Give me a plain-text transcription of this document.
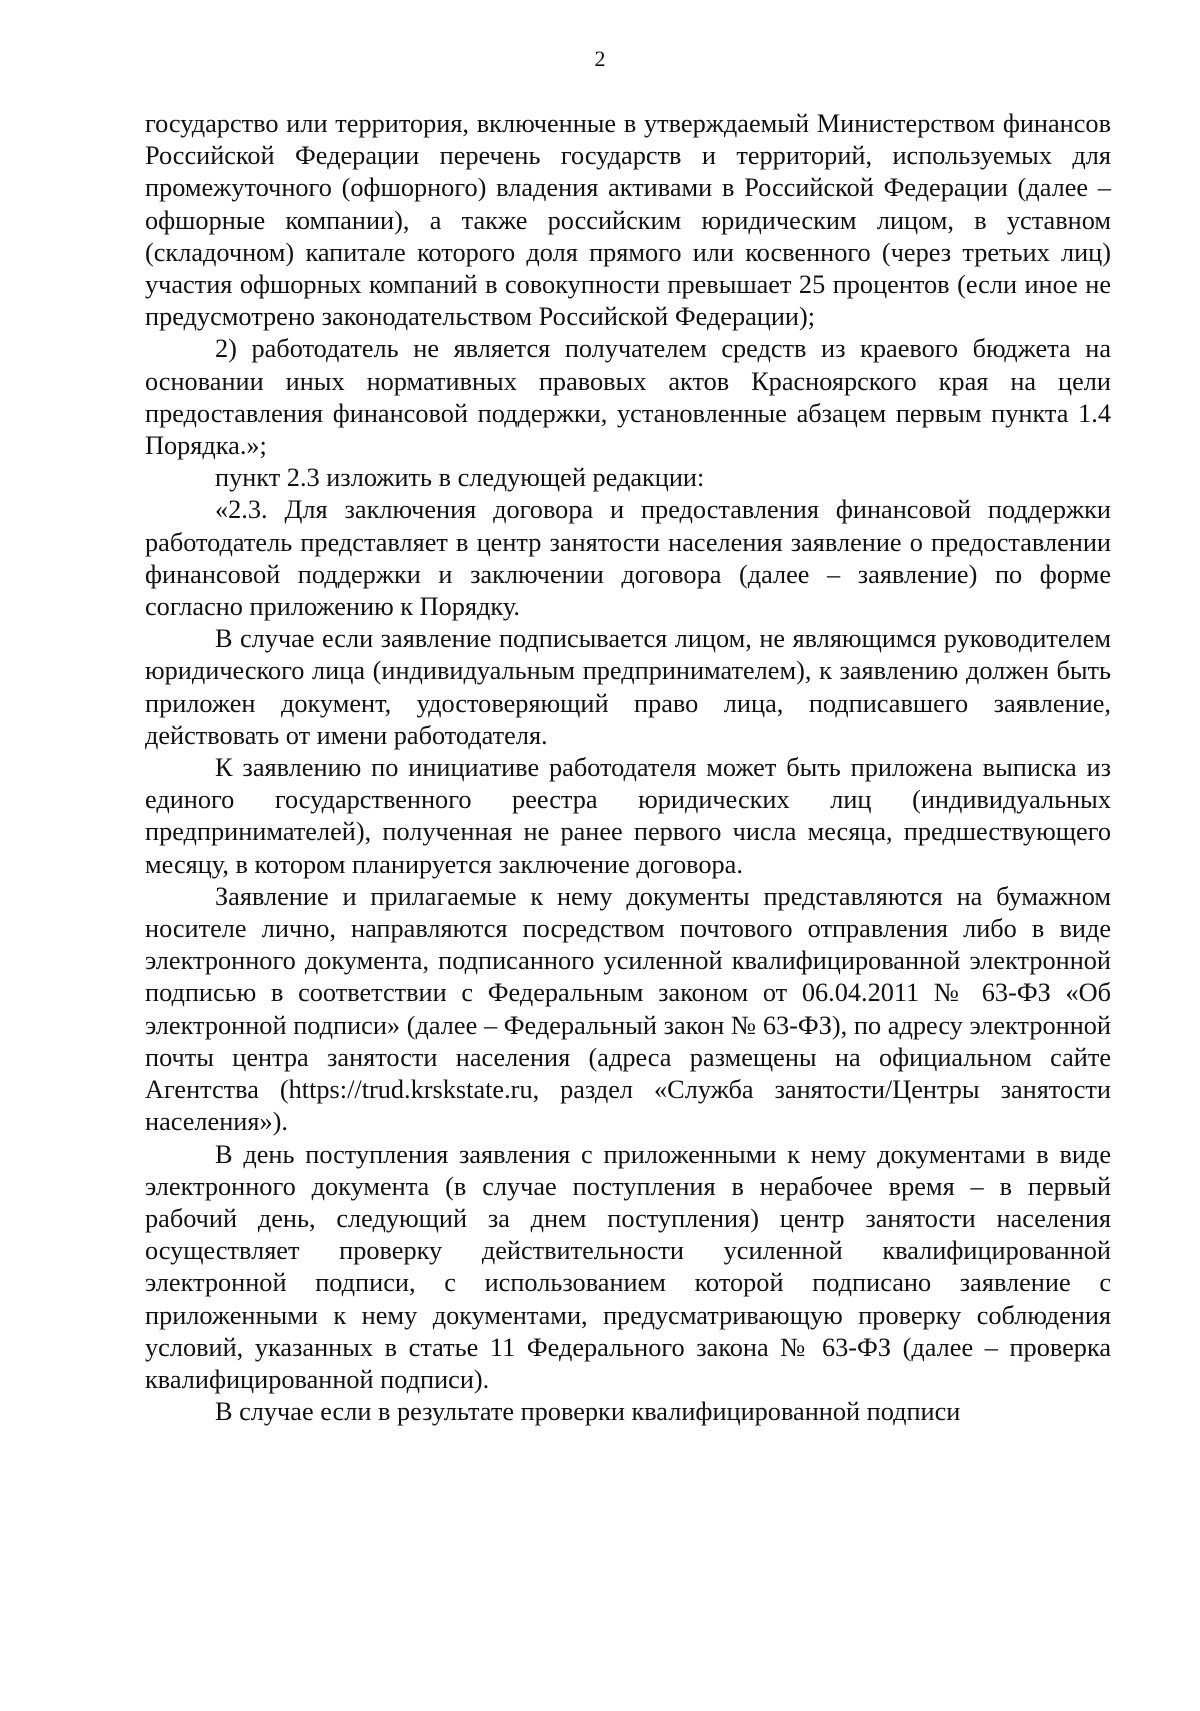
2

государство или территория, включенные в утверждаемый Министерством финансов Российской Федерации перечень государств и территорий, используемых для промежуточного (офшорного) владения активами в Российской Федерации (далее – офшорные компании), а также российским юридическим лицом, в уставном (складочном) капитале которого доля прямого или косвенного (через третьих лиц) участия офшорных компаний в совокупности превышает 25 процентов (если иное не предусмотрено законодательством Российской Федерации);

2) работодатель не является получателем средств из краевого бюджета на основании иных нормативных правовых актов Красноярского края на цели предоставления финансовой поддержки, установленные абзацем первым пункта 1.4 Порядка.»;

пункт 2.3 изложить в следующей редакции:

«2.3. Для заключения договора и предоставления финансовой поддержки работодатель представляет в центр занятости населения заявление о предоставлении финансовой поддержки и заключении договора (далее – заявление) по форме согласно приложению к Порядку.

В случае если заявление подписывается лицом, не являющимся руководителем юридического лица (индивидуальным предпринимателем), к заявлению должен быть приложен документ, удостоверяющий право лица, подписавшего заявление, действовать от имени работодателя.

К заявлению по инициативе работодателя может быть приложена выписка из единого государственного реестра юридических лиц (индивидуальных предпринимателей), полученная не ранее первого числа месяца, предшествующего месяцу, в котором планируется заключение договора.

Заявление и прилагаемые к нему документы представляются на бумажном носителе лично, направляются посредством почтового отправления либо в виде электронного документа, подписанного усиленной квалифицированной электронной подписью в соответствии с Федеральным законом от 06.04.2011 № 63-ФЗ «Об электронной подписи» (далее – Федеральный закон № 63-ФЗ), по адресу электронной почты центра занятости населения (адреса размещены на официальном сайте Агентства (https://trud.krskstate.ru, раздел «Служба занятости/Центры занятости населения»).

В день поступления заявления с приложенными к нему документами в виде электронного документа (в случае поступления в нерабочее время – в первый рабочий день, следующий за днем поступления) центр занятости населения осуществляет проверку действительности усиленной квалифицированной электронной подписи, с использованием которой подписано заявление с приложенными к нему документами, предусматривающую проверку соблюдения условий, указанных в статье 11 Федерального закона № 63-ФЗ (далее – проверка квалифицированной подписи).

В случае если в результате проверки квалифицированной подписи
